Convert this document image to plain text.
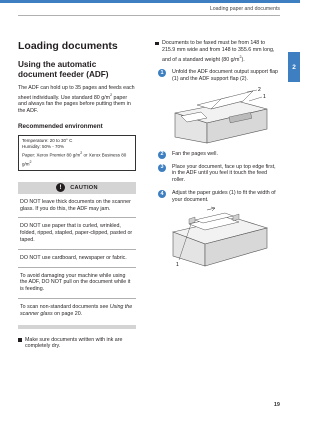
Loading paper and documents
2
Loading documents
Using the automatic
document feeder (ADF)

The ADF can hold up to 35 pages and feeds each sheet individually. Use standard 80 $g/m^2$ paper and always fan the pages before putting them in the ADF.

Recommended environment
Temperature: 20 to 30° C
Humidity: 50% - 70%
Paper: Xerox Premier 80 $g/m^2$ or Xerox Business 80 $g/m^2$
!	CAUTION
DO NOT leave thick documents on the scanner glass. If you do this, the ADF may jam.
DO NOT use paper that is curled, wrinkled, folded, ripped, stapled, paper-clipped, pasted or taped.
DO NOT use cardboard, newspaper or fabric.
To avoid damaging your machine while using the ADF, DO NOT pull on the document while it is feeding.
To scan non-standard documents see Using the scanner glass on page 20.
Make sure documents written with ink are completely dry.
Documents to be faxed must be from 148 to 215.9 mm wide and from 148 to 355.6 mm long, and of a standard weight (80 $g/m^2$).
1	Unfold the ADF document output support flap (1) and the ADF support flap (2).
2
1
2	Fan the pages well.
3	Place your document, face up top edge first, in the ADF until you feel it touch the feed roller.
4	Adjust the paper guides (1) to fit the width of your document.
1
19
